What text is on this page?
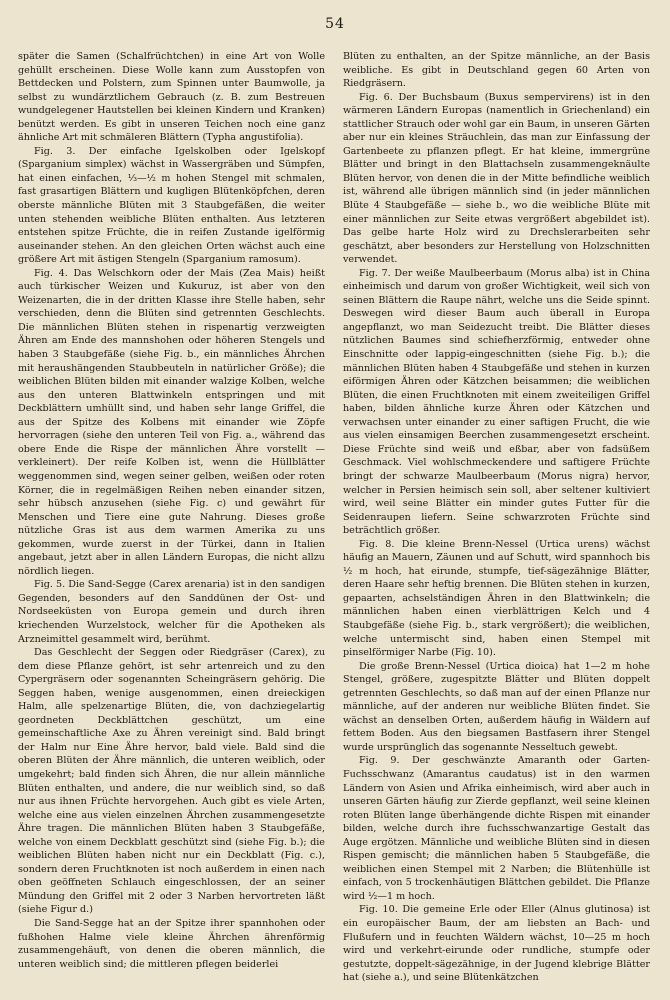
54

später die Samen (Schalfrüchtchen) in eine Art von Wolle gehüllt erscheinen. Diese Wolle kann zum Ausstopfen von Bettdecken und Polstern, zum Spinnen unter Baumwolle, ja selbst zu wundärztlichem Gebrauch (z. B. zum Bestreuen wundgelegener Hautstellen bei kleinen Kindern und Kranken) benützt werden. Es gibt in unseren Teichen noch eine ganz ähnliche Art mit schmäleren Blättern (Typha angustifolia).

Fig. 3. Der einfache Igelskolben oder Igelskopf (Sparganium simplex) wächst in Wassergräben und Sümpfen, hat einen einfachen, ⅓—½ m hohen Stengel mit schmalen, fast grasartigen Blättern und kugligen Blütenköpfchen, deren oberste männliche Blüten mit 3 Staubgefäßen, die weiter unten stehenden weibliche Blüten enthalten. Aus letzteren entstehen spitze Früchte, die in reifen Zustande igelförmig auseinander stehen. An den gleichen Orten wächst auch eine größere Art mit ästigen Stengeln (Sparganium ramosum).

Fig. 4. Das Welschkorn oder der Mais (Zea Mais) heißt auch türkischer Weizen und Kukuruz, ist aber von den Weizenarten, die in der dritten Klasse ihre Stelle haben, sehr verschieden, denn die Blüten sind getrennten Geschlechts. Die männlichen Blüten stehen in rispenartig verzweigten Ähren am Ende des mannshohen oder höheren Stengels und haben 3 Staubgefäße (siehe Fig. b., ein männliches Ährchen mit heraushängenden Staubbeuteln in natürlicher Größe); die weiblichen Blüten bilden mit einander walzige Kolben, welche aus den unteren Blattwinkeln entspringen und mit Deckblättern umhüllt sind, und haben sehr lange Griffel, die aus der Spitze des Kolbens mit einander wie Zöpfe hervorragen (siehe den unteren Teil von Fig. a., während das obere Ende die Rispe der männlichen Ähre vorstellt — verkleinert). Der reife Kolben ist, wenn die Hüllblätter weggenommen sind, wegen seiner gelben, weißen oder roten Körner, die in regelmäßigen Reihen neben einander sitzen, sehr hübsch anzusehen (siehe Fig. c) und gewährt für Menschen und Tiere eine gute Nahrung. Dieses große nützliche Gras ist aus dem warmen Amerika zu uns gekommen, wurde zuerst in der Türkei, dann in Italien angebaut, jetzt aber in allen Ländern Europas, die nicht allzu nördlich liegen.

Fig. 5. Die Sand-Segge (Carex arenaria) ist in den sandigen Gegenden, besonders auf den Sanddünen der Ost- und Nordseeküsten von Europa gemein und durch ihren kriechenden Wurzelstock, welcher für die Apotheken als Arzneimittel gesammelt wird, berühmt.

Das Geschlecht der Seggen oder Riedgräser (Carex), zu dem diese Pflanze gehört, ist sehr artenreich und zu den Cypergräsern oder sogenannten Scheingräsern gehörig. Die Seggen haben, wenige ausgenommen, einen dreieckigen Halm, alle spelzenartige Blüten, die, von dachziegelartig geordneten Deckblättchen geschützt, um eine gemeinschaftliche Axe zu Ähren vereinigt sind. Bald bringt der Halm nur Eine Ähre hervor, bald viele. Bald sind die oberen Blüten der Ähre männlich, die unteren weiblich, oder umgekehrt; bald finden sich Ähren, die nur allein männliche Blüten enthalten, und andere, die nur weiblich sind, so daß nur aus ihnen Früchte hervorgehen. Auch gibt es viele Arten, welche eine aus vielen einzelnen Ährchen zusammengesetzte Ähre tragen. Die männlichen Blüten haben 3 Staubgefäße, welche von einem Deckblatt geschützt sind (siehe Fig. b.); die weiblichen Blüten haben nicht nur ein Deckblatt (Fig. c.), sondern deren Fruchtknoten ist noch außerdem in einen nach oben geöffneten Schlauch eingeschlossen, der an seiner Mündung den Griffel mit 2 oder 3 Narben hervortreten läßt (siehe Figur d.)

Die Sand-Segge hat an der Spitze ihrer spannhohen oder fußhohen Halme viele kleine Ährchen ährenförmig zusammengehäuft, von denen die oberen männlich, die unteren weiblich sind; die mittleren pflegen beiderlei

Blüten zu enthalten, an der Spitze männliche, an der Basis weibliche. Es gibt in Deutschland gegen 60 Arten von Riedgräsern.

Fig. 6. Der Buchsbaum (Buxus sempervirens) ist in den wärmeren Ländern Europas (namentlich in Griechenland) ein stattlicher Strauch oder wohl gar ein Baum, in unseren Gärten aber nur ein kleines Sträuchlein, das man zur Einfassung der Gartenbeete zu pflanzen pflegt. Er hat kleine, immergrüne Blätter und bringt in den Blattachseln zusammengeknäulte Blüten hervor, von denen die in der Mitte befindliche weiblich ist, während alle übrigen männlich sind (in jeder männlichen Blüte 4 Staubgefäße — siehe b., wo die weibliche Blüte mit einer männlichen zur Seite etwas vergrößert abgebildet ist). Das gelbe harte Holz wird zu Drechslerarbeiten sehr geschätzt, aber besonders zur Herstellung von Holzschnitten verwendet.

Fig. 7. Der weiße Maulbeerbaum (Morus alba) ist in China einheimisch und darum von großer Wichtigkeit, weil sich von seinen Blättern die Raupe nährt, welche uns die Seide spinnt. Deswegen wird dieser Baum auch überall in Europa angepflanzt, wo man Seidezucht treibt. Die Blätter dieses nützlichen Baumes sind schiefherzförmig, entweder ohne Einschnitte oder lappig-eingeschnitten (siehe Fig. b.); die männlichen Blüten haben 4 Staubgefäße und stehen in kurzen eiförmigen Ähren oder Kätzchen beisammen; die weiblichen Blüten, die einen Fruchtknoten mit einem zweiteiligen Griffel haben, bilden ähnliche kurze Ähren oder Kätzchen und verwachsen unter einander zu einer saftigen Frucht, die wie aus vielen einsamigen Beerchen zusammengesetzt erscheint. Diese Früchte sind weiß und eßbar, aber von fadsüßem Geschmack. Viel wohlschmeckendere und saftigere Früchte bringt der schwarze Maulbeerbaum (Morus nigra) hervor, welcher in Persien heimisch sein soll, aber seltener kultiviert wird, weil seine Blätter ein minder gutes Futter für die Seidenraupen liefern. Seine schwarzroten Früchte sind beträchtlich größer.

Fig. 8. Die kleine Brenn-Nessel (Urtica urens) wächst häufig an Mauern, Zäunen und auf Schutt, wird spannhoch bis ½ m hoch, hat eirunde, stumpfe, tief-sägezähnige Blätter, deren Haare sehr heftig brennen. Die Blüten stehen in kurzen, gepaarten, achselständigen Ähren in den Blattwinkeln; die männlichen haben einen vierblättrigen Kelch und 4 Staubgefäße (siehe Fig. b., stark vergrößert); die weiblichen, welche untermischt sind, haben einen Stempel mit pinselförmiger Narbe (Fig. 10).

Die große Brenn-Nessel (Urtica dioica) hat 1—2 m hohe Stengel, größere, zugespitzte Blätter und Blüten doppelt getrennten Geschlechts, so daß man auf der einen Pflanze nur männliche, auf der anderen nur weibliche Blüten findet. Sie wächst an denselben Orten, außerdem häufig in Wäldern auf fettem Boden. Aus den biegsamen Bastfasern ihrer Stengel wurde ursprünglich das sogenannte Nesseltuch gewebt.

Fig. 9. Der geschwänzte Amaranth oder Garten-Fuchsschwanz (Amarantus caudatus) ist in den warmen Ländern von Asien und Afrika einheimisch, wird aber auch in unseren Gärten häufig zur Zierde gepflanzt, weil seine kleinen roten Blüten lange überhängende dichte Rispen mit einander bilden, welche durch ihre fuchsschwanzartige Gestalt das Auge ergötzen. Männliche und weibliche Blüten sind in diesen Rispen gemischt; die männlichen haben 5 Staubgefäße, die weiblichen einen Stempel mit 2 Narben; die Blütenhülle ist einfach, von 5 trockenhäutigen Blättchen gebildet. Die Pflanze wird ½—1 m hoch.

Fig. 10. Die gemeine Erle oder Eller (Alnus glutinosa) ist ein europäischer Baum, der am liebsten an Bach- und Flußufern und in feuchten Wäldern wächst, 10—25 m hoch wird und verkehrt-eirunde oder rundliche, stumpfe oder gestutzte, doppelt-sägezähnige, in der Jugend klebrige Blätter hat (siehe a.), und seine Blütenkätzchen
